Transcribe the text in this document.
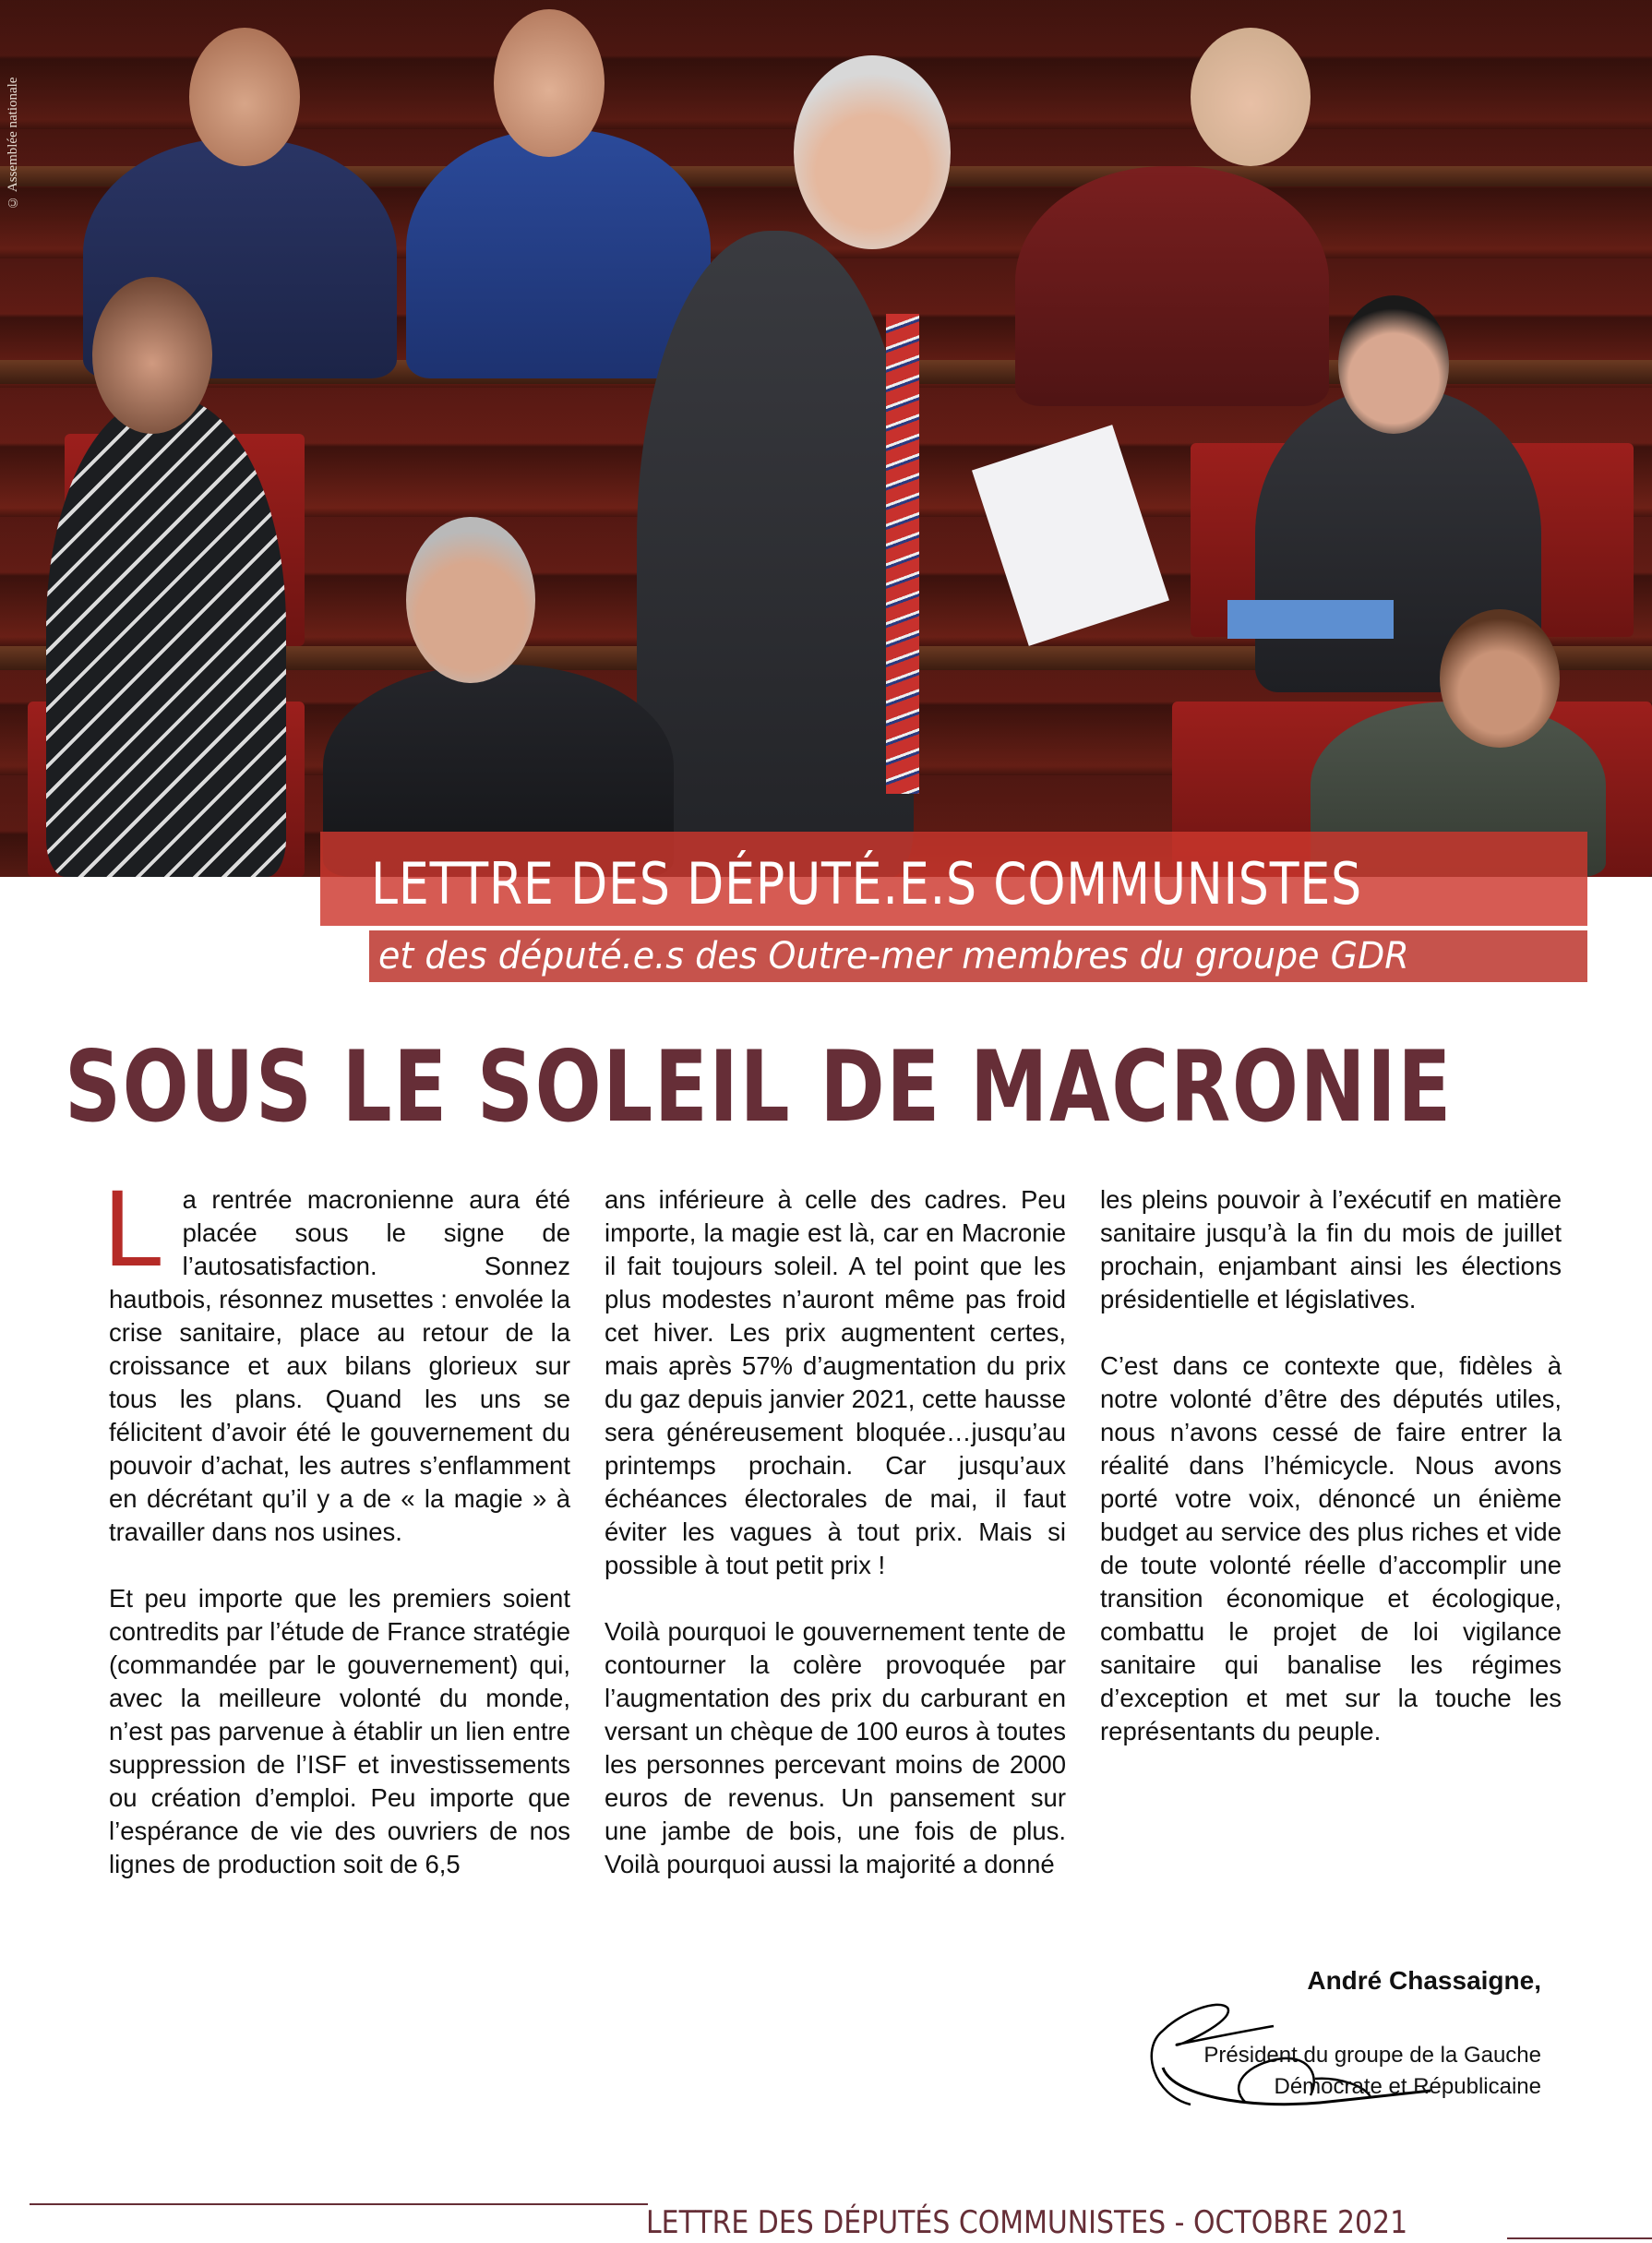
© Assemblée nationale
LETTRE DES DÉPUTÉ.E.S COMMUNISTES
et des député.e.s des Outre-mer membres du groupe GDR
SOUS LE SOLEIL DE MACRONIE

La rentrée macronienne aura été placée sous le signe de l’autosatisfaction. Sonnez hautbois, résonnez musettes : envolée la crise sanitaire, place au retour de la croissance et aux bilans glorieux sur tous les plans. Quand les uns se félicitent d’avoir été le gouvernement du pouvoir d’achat, les autres s’enflamment en décrétant qu’il y a de « la magie » à travailler dans nos usines.

Et peu importe que les premiers soient contredits par l’étude de France stratégie (commandée par le gouvernement) qui, avec la meilleure volonté du monde, n’est pas parvenue à établir un lien entre suppression de l’ISF et investissements ou création d’emploi. Peu importe que l’espérance de vie des ouvriers de nos lignes de production soit de 6,5

ans inférieure à celle des cadres. Peu importe, la magie est là, car en Macronie il fait toujours soleil. A tel point que les plus modestes n’auront même pas froid cet hiver. Les prix augmentent certes, mais après 57% d’augmentation du prix du gaz depuis janvier 2021, cette hausse sera généreusement bloquée…jusqu’au printemps prochain. Car jusqu’aux échéances électorales de mai, il faut éviter les vagues à tout prix. Mais si possible à tout petit prix !

Voilà pourquoi le gouvernement tente de contourner la colère provoquée par l’augmentation des prix du carburant en versant un chèque de 100 euros à toutes les personnes percevant moins de 2000 euros de revenus. Un pansement sur une jambe de bois, une fois de plus. Voilà pourquoi aussi la majorité a donné

les pleins pouvoir à l’exécutif en matière sanitaire jusqu’à la fin du mois de juillet prochain, enjambant ainsi les élections présidentielle et législatives.

C’est dans ce contexte que, fidèles à notre volonté d’être des députés utiles, nous n’avons cessé de faire entrer la réalité dans l’hémicycle. Nous avons porté votre voix, dénoncé un énième budget au service des plus riches et vide de toute volonté réelle d’accomplir une transition économique et écologique, combattu le projet de loi vigilance sanitaire qui banalise les régimes d’exception et met sur la touche les représentants du peuple.

André Chassaigne,
Président du groupe de la Gauche
Démocrate et Républicaine
LETTRE DES DÉPUTÉS COMMUNISTES - OCTOBRE 2021
